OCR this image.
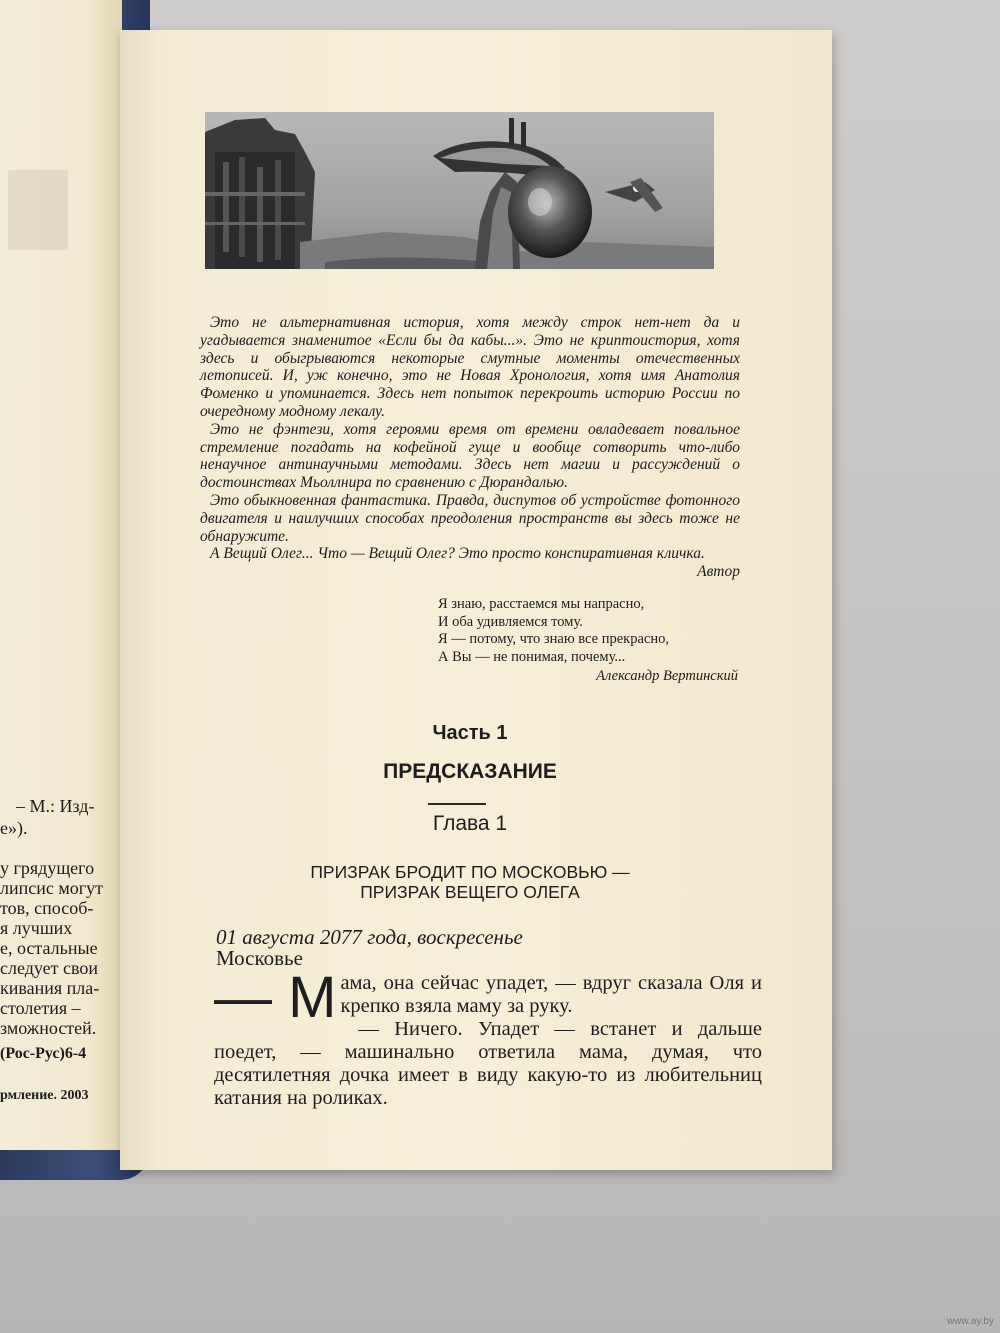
– М.: Изд-
е»).
у грядущего
липсис могут
тов, способ-
я лучших
е, остальные
следует свои
кивания пла-
столетия –
зможностей.
(Рос-Рус)6-4
рмление. 2003

Это не альтернативная история, хотя между строк нет-нет да и угадывается знаменитое «Если бы да кабы...». Это не криптоистория, хотя здесь и обыгрываются некоторые смутные моменты отечественных летописей. И, уж конечно, это не Новая Хронология, хотя имя Анатолия Фоменко и упоминается. Здесь нет попыток перекроить историю России по очередному модному лекалу.

Это не фэнтези, хотя героями время от времени овладевает повальное стремление погадать на кофейной гуще и вообще сотворить что-либо ненаучное антинаучными методами. Здесь нет магии и рассуждений о достоинствах Мьоллнира по сравнению с Дюрандалью.

Это обыкновенная фантастика. Правда, диспутов об устройстве фотонного двигателя и наилучших способах преодоления пространств вы здесь тоже не обнаружите.

А Вещий Олег... Что — Вещий Олег? Это просто конспиративная кличка.

Автор

Я знаю, расстаемся мы напрасно,
И оба удивляемся тому.
Я — потому, что знаю все прекрасно,
А Вы — не понимая, почему...
Александр Вертинский
Часть 1
ПРЕДСКАЗАНИЕ
Глава 1
ПРИЗРАК БРОДИТ ПО МОСКОВЬЮ —
ПРИЗРАК ВЕЩЕГО ОЛЕГА
01 августа 2077 года, воскресенье
Московье

— М ама, она сейчас упадет, — вдруг сказала Оля и крепко взяла маму за руку.

— Ничего. Упадет — встанет и дальше поедет, — машинально ответила мама, думая, что десятилетняя дочка имеет в виду какую-то из любительниц катания на роликах.

www.ay.by
